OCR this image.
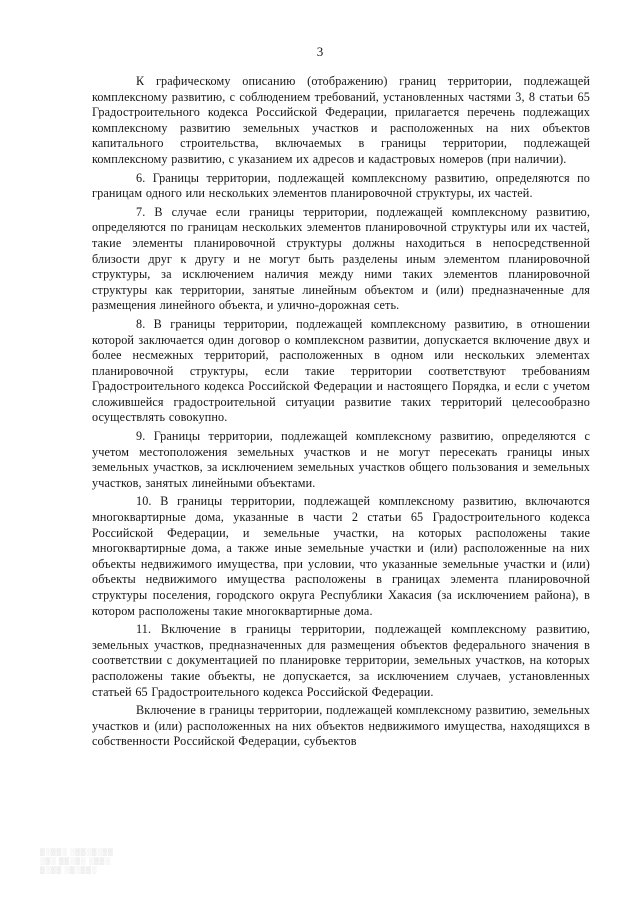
3

К графическому описанию (отображению) границ территории, подлежащей комплексному развитию, с соблюдением требований, установленных частями 3, 8 статьи 65 Градостроительного кодекса Российской Федерации, прилагается перечень подлежащих комплексному развитию земельных участков и расположенных на них объектов капитального строительства, включаемых в границы территории, подлежащей комплексному развитию, с указанием их адресов и кадастровых номеров (при наличии).

6. Границы территории, подлежащей комплексному развитию, определяются по границам одного или нескольких элементов планировочной структуры, их частей.

7. В случае если границы территории, подлежащей комплексному развитию, определяются по границам нескольких элементов планировочной структуры или их частей, такие элементы планировочной структуры должны находиться в непосредственной близости друг к другу и не могут быть разделены иным элементом планировочной структуры, за исключением наличия между ними таких элементов планировочной структуры как территории, занятые линейным объектом и (или) предназначенные для размещения линейного объекта, и улично-дорожная сеть.

8. В границы территории, подлежащей комплексному развитию, в отношении которой заключается один договор о комплексном развитии, допускается включение двух и более несмежных территорий, расположенных в одном или нескольких элементах планировочной структуры, если такие территории соответствуют требованиям Градостроительного кодекса Российской Федерации и настоящего Порядка, и если с учетом сложившейся градостроительной ситуации развитие таких территорий целесообразно осуществлять совокупно.

9. Границы территории, подлежащей комплексному развитию, определяются с учетом местоположения земельных участков и не могут пересекать границы иных земельных участков, за исключением земельных участков общего пользования и земельных участков, занятых линейными объектами.

10. В границы территории, подлежащей комплексному развитию, включаются многоквартирные дома, указанные в части 2 статьи 65 Градостроительного кодекса Российской Федерации, и земельные участки, на которых расположены такие многоквартирные дома, а также иные земельные участки и (или) расположенные на них объекты недвижимого имущества, при условии, что указанные земельные участки и (или) объекты недвижимого имущества расположены в границах элемента планировочной структуры поселения, городского округа Республики Хакасия (за исключением района), в котором расположены такие многоквартирные дома.

11. Включение в границы территории, подлежащей комплексному развитию, земельных участков, предназначенных для размещения объектов федерального значения в соответствии с документацией по планировке территории, земельных участков, на которых расположены такие объекты, не допускается, за исключением случаев, установленных статьей 65 Градостроительного кодекса Российской Федерации.

Включение в границы территории, подлежащей комплексному развитию, земельных участков и (или) расположенных на них объектов недвижимого имущества, находящихся в собственности Российской Федерации, субъектов

▒░▒▒░ ░▒▒░▒░▒▒
░▒░ ▒▒░▒░ ░▒▒░
▒░▒▒ ░▒░▒▒░
